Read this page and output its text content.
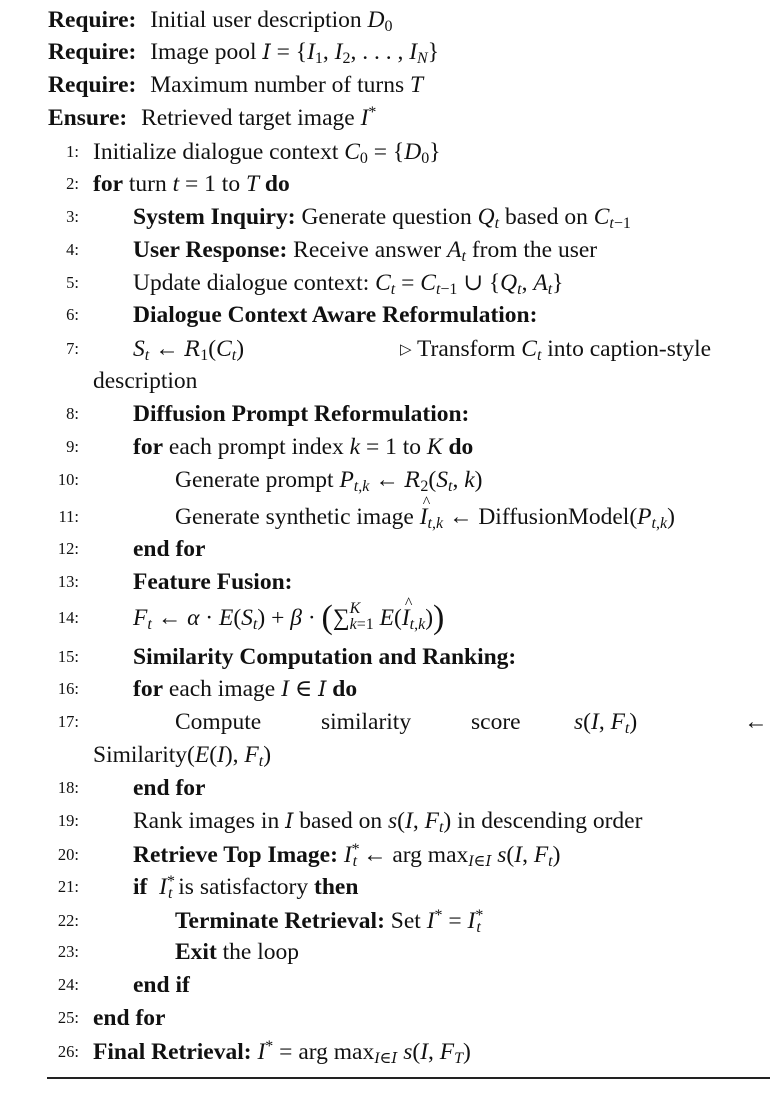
Require: Initial user description $D_0$
Require: Image pool $I = \{I_1$, $I_2$, . . . , $I_N$}
Require: Maximum number of turns T
Ensure: Retrieved target image I*
1: Initialize dialogue context $C_0 = \{D_0\}$
2: for turn t = 1 to T do
3: System Inquiry: Generate question $Q_t$ based on $C_{t-1}$
4: User Response: Receive answer $A_t$ from the user
5: Update dialogue context: $C_t = C_{t-1}$ ∪ {$Q_t$, $A_t$}
6: Dialogue Context Aware Reformulation:
7: $S_t$ ← $R_1(C_t)$	▷ Transform $C_t$ into caption-style
description
8: Diffusion Prompt Reformulation:
9: for each prompt index k = 1 to K do
10:	Generate prompt $P_{t,k}$ ← $R_2(S_t$, k)
11:	Generate synthetic image ^ $I_{t,k}$ ← $DiffusionModel(P_{t,k})$
12: end for
13: Feature Fusion:
14: $F_t$ ← $\alpha \cdot E(S_t) + \beta$ · (∑ K
k=1 E(^ $I_{t,k}$))
15: Similarity Computation and Ranking:
16: for each image I ∈ I do
17:	Compute	similarity	score s(I, $F_t$)	←
Similarity(E(I), $F_t$)
18: end for
19: Rank images in I based on s(I, $F_t$) in descending order
20: Retrieve Top Image: $I^*_t$ ← arg $\max_{I\in I} s(I$, $F_t$)
21: if $I^*_t$ is satisfactory then
22:	Terminate Retrieval: Set $I^* = I^*_t$
23:	Exit the loop
24: end if
25: end for
26: Final Retrieval: I* = arg $\max_{I\in I} s(I$, $F_T$)
